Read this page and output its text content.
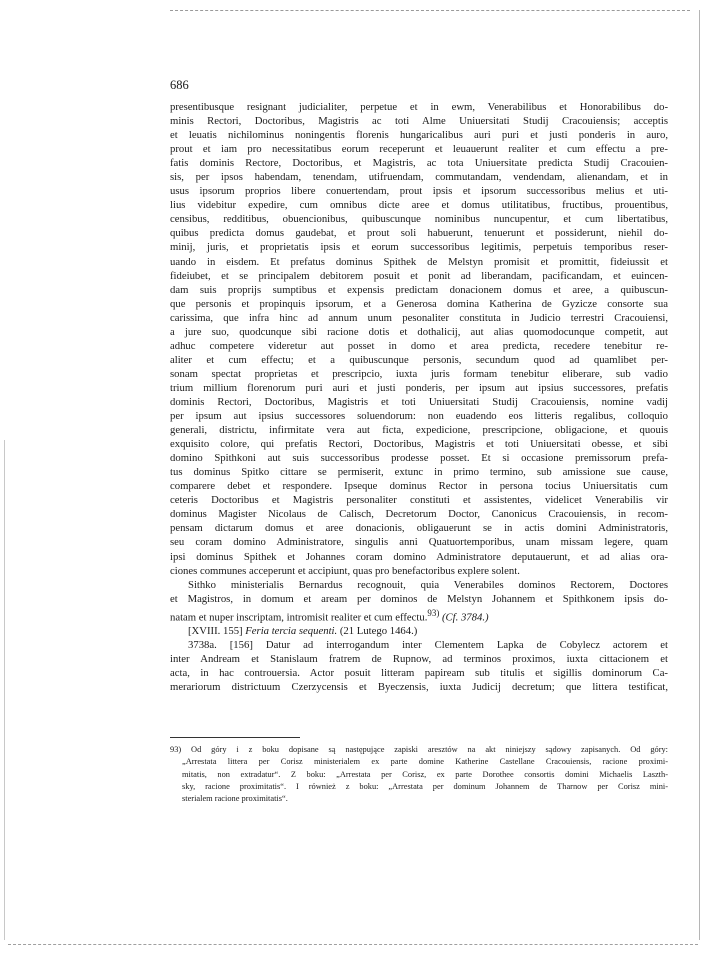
686
presentibusque resignant judicialiter, perpetue et in ewm, Venerabilibus et Honorabilibus do-
minis Rectori, Doctoribus, Magistris ac toti Alme Uniuersitati Studij Cracouiensis; acceptis
et leuatis nichilominus noningentis florenis hungaricalibus auri puri et justi ponderis in auro,
prout et iam pro necessitatibus eorum receperunt et leuauerunt realiter et cum effectu a pre-
fatis dominis Rectore, Doctoribus, et Magistris, ac tota Uniuersitate predicta Studij Cracouien-
sis, per ipsos habendam, tenendam, utifruendam, commutandam, vendendam, alienandam, et in
usus ipsorum proprios libere conuertendam, prout ipsis et ipsorum successoribus melius et uti-
lius videbitur expedire, cum omnibus dicte aree et domus utilitatibus, fructibus, prouentibus,
censibus, redditibus, obuencionibus, quibuscunque nominibus nuncupentur, et cum libertatibus,
quibus predicta domus gaudebat, et prout soli habuerunt, tenuerunt et possiderunt, niehil do-
minij, juris, et proprietatis ipsis et eorum successoribus legitimis, perpetuis temporibus reser-
uando in eisdem. Et prefatus dominus Spithek de Melstyn promisit et promittit, fideiussit et
fideiubet, et se principalem debitorem posuit et ponit ad liberandam, pacificandam, et euincen-
dam suis proprijs sumptibus et expensis predictam donacionem domus et aree, a quibuscun-
que personis et propinquis ipsorum, et a Generosa domina Katherina de Gyzicze consorte sua
carissima, que infra hinc ad annum unum pesonaliter constituta in Judicio terrestri Cracouiensi,
a jure suo, quodcunque sibi racione dotis et dothalicij, aut alias quomodocunque competit, aut
adhuc competere videretur aut posset in domo et area predicta, recedere tenebitur re-
aliter et cum effectu; et a quibuscunque personis, secundum quod ad quamlibet per-
sonam spectat proprietas et prescripcio, iuxta juris formam tenebitur eliberare, sub vadio
trium millium florenorum puri auri et justi ponderis, per ipsum aut ipsius successores, prefatis
dominis Rectori, Doctoribus, Magistris et toti Uniuersitati Studij Cracouiensis, nomine vadij
per ipsum aut ipsius successores soluendorum: non euadendo eos litteris regalibus, colloquio
generali, districtu, infirmitate vera aut ficta, expedicione, prescripcione, obligacione, et quouis
exquisito colore, qui prefatis Rectori, Doctoribus, Magistris et toti Uniuersitati obesse, et sibi
domino Spithkoni aut suis successoribus prodesse posset. Et si occasione premissorum prefa-
tus dominus Spitko cittare se permiserit, extunc in primo termino, sub amissione sue cause,
comparere debet et respondere. Ipseque dominus Rector in persona tocius Uniuersitatis cum
ceteris Doctoribus et Magistris personaliter constituti et assistentes, videlicet Venerabilis vir
dominus Magister Nicolaus de Calisch, Decretorum Doctor, Canonicus Cracouiensis, in recom-
pensam dictarum domus et aree donacionis, obligauerunt se in actis domini Administratoris,
seu coram domino Administratore, singulis anni Quatuortemporibus, unam missam legere, quam
ipsi dominus Spithek et Johannes coram domino Administratore deputauerunt, et ad alias ora-
ciones communes acceperunt et accipiunt, quas pro benefactoribus explere solent.
Sithko ministerialis Bernardus recognouit, quia Venerabiles dominos Rectorem, Doctores
et Magistros, in domum et aream per dominos de Melstyn Johannem et Spithkonem ipsis do-
natam et nuper inscriptam, intromisit realiter et cum effectu.$^{93)}$ (Cf. 3784.)
[XVIII. 155] Feria tercia sequenti. (21 Lutego 1464.)
3738a. [156] Datur ad interrogandum inter Clementem Lapka de Cobylecz actorem et
inter Andream et Stanislaum fratrem de Rupnow, ad terminos proximos, iuxta cittacionem et
acta, in hac controuersia. Actor posuit litteram papiream sub titulis et sigillis dominorum Ca-
merariorum districtuum Czerzycensis et Byeczensis, iuxta Judicij decretum; que littera testificat,
93) Od góry i z boku dopisane są następujące zapiski aresztów na akt niniejszy sądowy zapisanych. Od góry:
„Arrestata littera per Corisz ministerialem ex parte domine Katherine Castellane Cracouiensis, racione proximi-
mitatis, non extradatur“. Z boku: „Arrestata per Corisz, ex parte Dorothee consortis domini Michaelis Laszth-
sky, racione proximitatis“. I również z boku: „Arrestata per dominum Johannem de Tharnow per Corisz mini-
sterialem racione proximitatis“.
